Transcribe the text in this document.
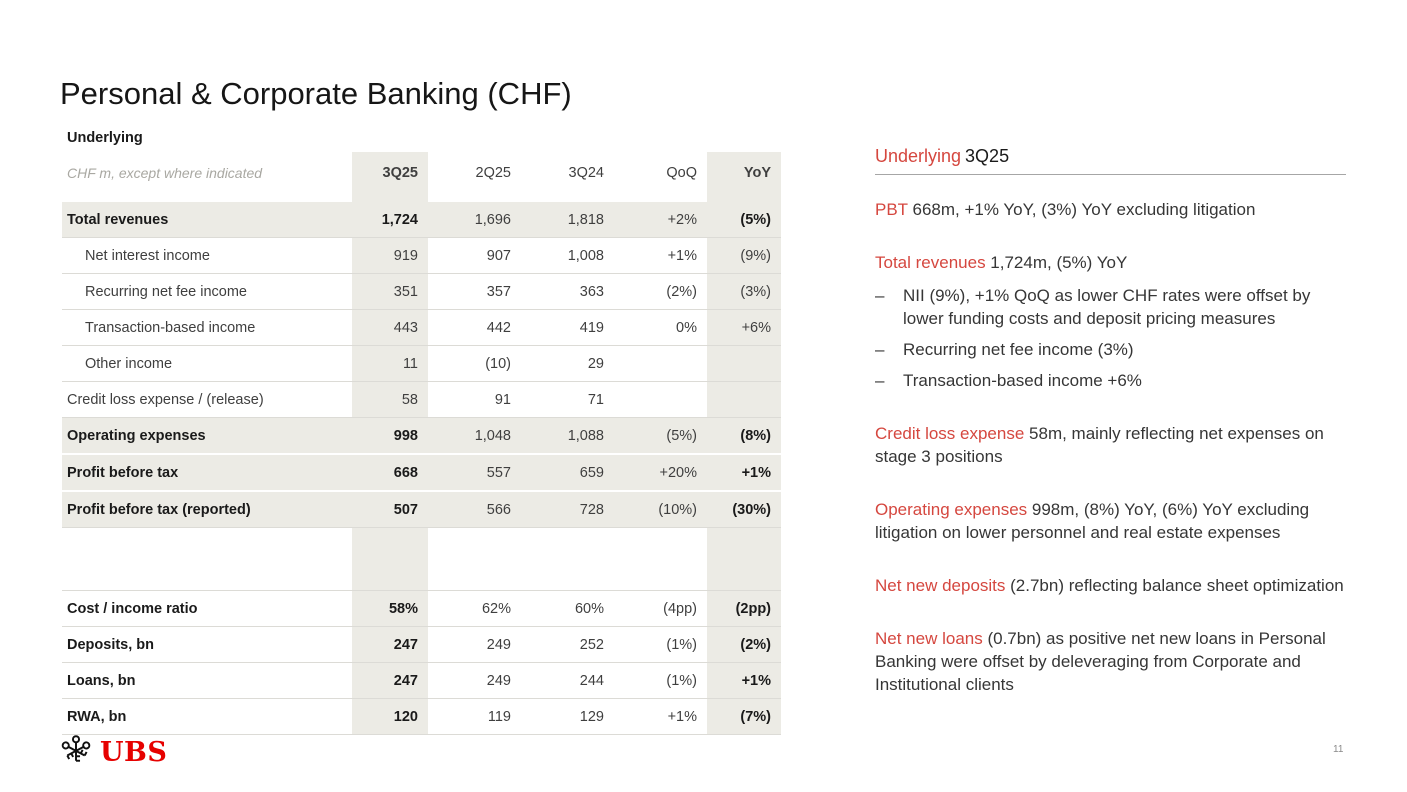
Personal & Corporate Banking (CHF)
Underlying
CHF m, except where indicated	3Q25	2Q25	3Q24	QoQ	YoY
Total revenues	1,724	1,696	1,818	+2%	(5%)
Net interest income	919	907	1,008	+1%	(9%)
Recurring net fee income	351	357	363	(2%)	(3%)
Transaction-based income	443	442	419	0%	+6%
Other income	11	(10)	29
Credit loss expense / (release)	58	91	71
Operating expenses	998	1,048	1,088	(5%)	(8%)
Profit before tax	668	557	659	+20%	+1%
Profit before tax (reported)	507	566	728	(10%)	(30%)
Cost / income ratio	58%	62%	60%	(4pp)	(2pp)
Deposits, bn	247	249	252	(1%)	(2%)
Loans, bn	247	249	244	(1%)	+1%
RWA, bn	120	119	129	+1%	(7%)
Underlying 3Q25
PBT 668m, +1% YoY, (3%) YoY excluding litigation
Total revenues 1,724m, (5%) YoY
–	NII (9%), +1% QoQ as lower CHF rates were offset by lower funding costs and deposit pricing measures
–	Recurring net fee income (3%)
–	Transaction-based income +6%
Credit loss expense 58m, mainly reflecting net expenses on stage 3 positions
Operating expenses 998m, (8%) YoY, (6%) YoY excluding litigation on lower personnel and real estate expenses
Net new deposits (2.7bn) reflecting balance sheet optimization
Net new loans (0.7bn) as positive net new loans in Personal Banking were offset by deleveraging from Corporate and Institutional clients
UBS	11
